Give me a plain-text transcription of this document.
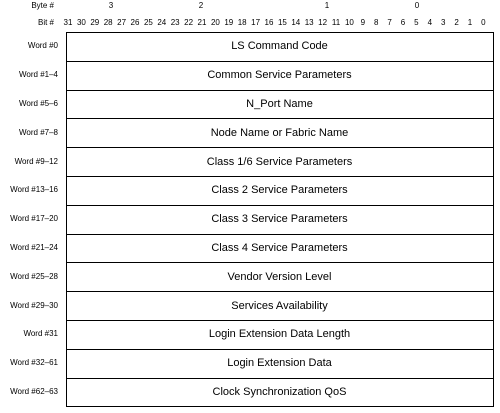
Byte #
Bit #
3	2	1	0
31 30 29 28 27 26 25 24 23 22 21 20 19 18 17 16 15 14 13 12 11 10 9	8	7	6	5	4	3	2	1	0
Word #0	LS Command Code
Word #1–4	Common Service Parameters
Word #5–6	N_Port Name
Word #7–8	Node Name or Fabric Name
Word #9–12	Class 1/6 Service Parameters
Word #13–16	Class 2 Service Parameters
Word #17–20	Class 3 Service Parameters
Word #21–24	Class 4 Service Parameters
Word #25–28	Vendor Version Level
Word #29–30	Services Availability
Word #31	Login Extension Data Length
Word #32–61	Login Extension Data
Word #62–63	Clock Synchronization QoS
